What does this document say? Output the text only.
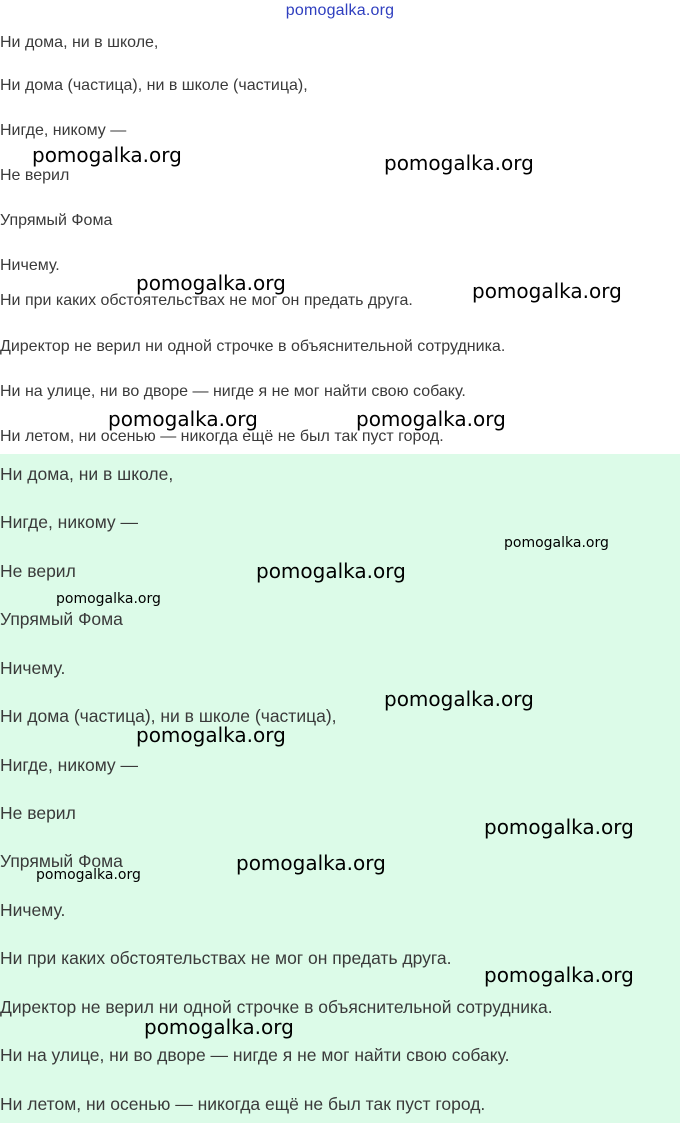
pomogalka.org
Ни дома, ни в школе,
Ни дома (частица), ни в школе (частица),
Нигде, никому —
Не верил
Упрямый Фома
Ничему.
Ни при каких обстоятельствах не мог он предать друга.
Директор не верил ни одной строчке в объяснительной сотрудника.
Ни на улице, ни во дворе — нигде я не мог найти свою собаку.
Ни летом, ни осенью — никогда ещё не был так пуст город.
Ни дома, ни в школе,
Нигде, никому —
Не верил
Упрямый Фома
Ничему.
Ни дома (частица), ни в школе (частица),
Нигде, никому —
Не верил
Упрямый Фома
Ничему.
Ни при каких обстоятельствах не мог он предать друга.
Директор не верил ни одной строчке в объяснительной сотрудника.
Ни на улице, ни во дворе — нигде я не мог найти свою собаку.
Ни летом, ни осенью — никогда ещё не был так пуст город.
pomogalka.org	pomogalka.org
pomogalka.org	pomogalka.org
pomogalka.org	pomogalka.org
pomogalka.org
pomogalka.org
pomogalka.org
pomogalka.org
pomogalka.org
pomogalka.org
pomogalka.org
pomogalka.org
pomogalka.org
pomogalka.org
